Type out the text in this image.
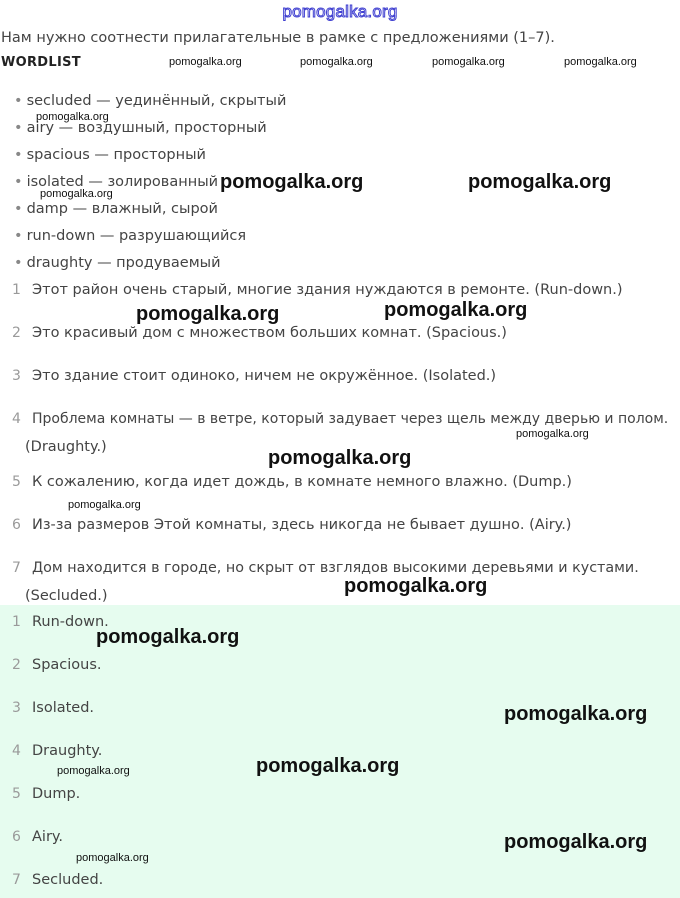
pomogalka.org
Нам нужно соотнести прилагательные в рамке с предложениями (1–7).
WORDLIST
• secluded — уединённый, скрытый
• airy — воздушный, просторный
• spacious — просторный
• isolated — золированный
• damp — влажный, сырой
• run-down — разрушающийся
• draughty — продуваемый
1 Этот район очень старый, многие здания нуждаются в ремонте. (Run-down.)
2 Это красивый дом с множеством больших комнат. (Spacious.)
3 Это здание стоит одиноко, ничем не окружённое. (Isolated.)
4 Проблема комнаты — в ветре, который задувает через щель между дверью и полом.
(Draughty.)
5 К сожалению, когда идет дождь, в комнате немного влажно. (Dump.)
6 Из-за размеров Этой комнаты, здесь никогда не бывает душно. (Airy.)
7 Дом находится в городе, но скрыт от взглядов высокими деревьями и кустами.
(Secluded.)
1 Run-down.
2 Spacious.
3 Isolated.
4 Draughty.
5 Dump.
6 Airy.
7 Secluded.
pomogalka.org	pomogalka.org	pomogalka.org	pomogalka.org
pomogalka.org
pomogalka.org
pomogalka.org	pomogalka.org
pomogalka.org	pomogalka.org
pomogalka.org
pomogalka.org
pomogalka.org
pomogalka.org
pomogalka.org
pomogalka.org
pomogalka.org	pomogalka.org
pomogalka.org
pomogalka.org
